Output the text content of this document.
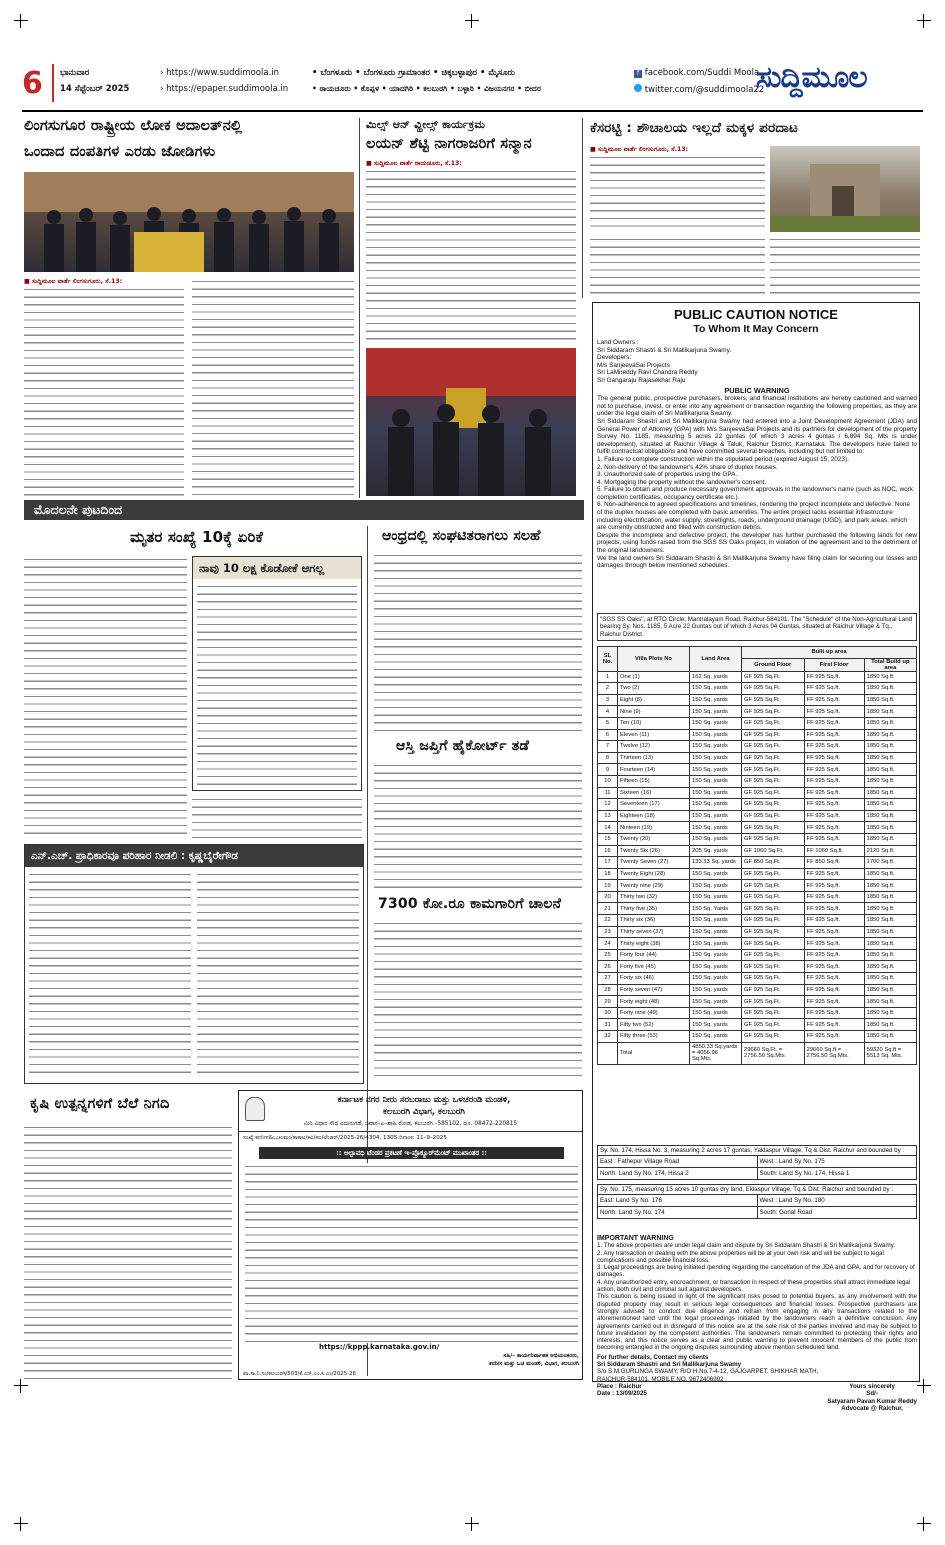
6 ಭಾನುವಾರ
14 ಸೆಪ್ಟೆಂಬರ್ 2025
› https://www.suddimoola.in
› https://epaper.suddimoola.in
• ಬೆಂಗಳೂರು • ಬೆಂಗಳೂರು ಗ್ರಾಮಾಂತರ • ಚಿಕ್ಕಬಳ್ಳಾಪುರ • ಮೈಸೂರು
• ರಾಯಚೂರು • ಕೊಪ್ಪಳ • ಯಾದಗಿರಿ • ಕಲಬುರಗಿ • ಬಳ್ಳಾರಿ • ವಿಜಯನಗರ • ಬೀದರ
f facebook.com/Suddi Moola
twitter.com/@suddimoola22
ಸುದ್ದಿಮೂಲ
ಲಿಂಗಸುಗೂರ ರಾಷ್ಟ್ರೀಯ ಲೋಕ ಅದಾಲತ್‌ನಲ್ಲಿ
ಒಂದಾದ ದಂಪತಿಗಳ ಎರಡು ಜೋಡಿಗಳು
■ ಸುದ್ದಿಮೂಲ ವಾರ್ತೆ ಲಿಂಗಸುಗೂರು, ಸೆ.13:
ಮಿಲ್ಸ್ ಆನ್ ವ್ಹೀಲ್ಸ್ ಕಾರ್ಯಕ್ರಮ
ಲಯನ್ ಶೆಟ್ಟಿ ನಾಗರಾಜರಿಗೆ ಸನ್ಮಾನ
■ ಸುದ್ದಿಮೂಲ ವಾರ್ತೆ ರಾಯಚೂರು, ಸೆ.13:
ಕೆಸರಟ್ಟಿ : ಶೌಚಾಲಯ ಇಲ್ಲದೆ ಮಕ್ಕಳ ಪರದಾಟ
■ ಸುದ್ದಿಮೂಲ ವಾರ್ತೆ ಲಿಂಗಸುಗೂರು, ಸೆ.13:
PUBLIC CAUTION NOTICE
To Whom It May Concern
Land Owners :
Sri Siddaram Shastri & Sri Mallikarjuna Swamy.
Developers:
M/s SanjeevaSai Projects
Sri LaMireddy Ravi Chandra Reddy
Sri Gangaraju Rajasekhar Raju
PUBLIC WARNING
The general public, prospective purchasers, brokers, and financial institutions are hereby cautioned and warned not to purchase, invest, or enter into any agreement or transaction regarding the following properties, as they are under the legal claim of Sri Mallikarjuna Swamy.
Sri Siddaram Shastri and Sri Mallikarjuna Swamy had entered into a Joint Development Agreement (JDA) and General Power of Attorney (GPA) with M/s SanjeevaSai Projects and its partners for development of the property Survey No. 1185, measuring 5 acres 22 guntas (of which 3 acres 4 guntas / 6,894 Sq. Mts is under development), situated at Raichur Village & Taluk, Raichur District, Karnataka. The developers have failed to fulfill contractual obligations and have committed several breaches, including but not limited to:
1. Failure to complete construction within the stipulated period (expired August 15, 2023).
2. Non-delivery of the landowner's 42% share of duplex houses.
3. Unauthorized sale of properties using the GPA.
4. Mortgaging the property without the landowner's consent.
5. Failure to obtain and produce necessary government approvals in the landowner's name (such as NOC, work completion certificates, occupancy certificate etc.).
6. Non-adherence to agreed specifications and timelines, rendering the project incomplete and defective. None of the duplex houses are completed with basic amenities. The entire project lacks essential infrastructure including electrification, water supply, streetlights, roads, underground drainage (UGD), and park areas, which are currently obstructed and filled with construction debris.
Despite the incomplete and defective project, the developer has further purchased the following lands for new projects, using funds raised from the SGS SS Oaks project, in violation of the agreement and to the detriment of the original landowners.
We the land owners Sri Siddaram Shastri & Sri Mallikarjuna Swamy have filing claim for securing our losses and damages through below mentioned schedules.
"SGS SS Oaks", at RTO Circle, Mantralayam Road, Raichur-584101. The "Schedule" of the Non-Agricultural Land bearing Sy. Nos. 1185, 5 Acre 22 Guntas out of which 3 Acres 04 Guntas, situated at Raichur Village & Tq., Raichur District.
SL No.	Villa Plots No	Land Area	Built up area		
			Ground Floor	First Floor	Total Build up area
1	One (1)	162 Sq. yards	GF 925 Sq.Ft.	FF 925 Sq.ft.	1850 Sq.ft.
2	Two (2)	150 Sq. yards	GF 925 Sq.Ft.	FF 925 Sq.ft.	1850 Sq.ft.
3	Eight (8)	150 Sq. yards	GF 925 Sq.Ft.	FF 925 Sq.ft.	1850 Sq.ft.
4	Nine (9)	150 Sq. yards	GF 925 Sq.Ft.	FF 925 Sq.ft.	1850 Sq.ft.
5	Ten (10)	150 Sq. yards	GF 925 Sq.Ft.	FF 925 Sq.ft.	1850 Sq.ft.
6	Eleven (11)	150 Sq. yards	GF 925 Sq.Ft.	FF 925 Sq.ft.	1850 Sq.ft.
7	Twelve (12)	150 Sq. yards	GF 925 Sq.Ft.	FF 925 Sq.ft.	1850 Sq.ft.
8	Thirteen (13)	150 Sq. yards	GF 925 Sq.Ft.	FF 925 Sq.ft.	1850 Sq.ft.
9	Fourteen (14)	150 Sq. yards	GF 925 Sq.Ft.	FF 925 Sq.ft.	1850 Sq.ft.
10	Fifteen (15)	150 Sq. yards	GF 925 Sq.Ft.	FF 925 Sq.ft.	1850 Sq.ft.
11	Sixteen (16)	150 Sq. yards	GF 925 Sq.Ft.	FF 925 Sq.ft.	1850 Sq.ft.
12	Seventeen (17)	150 Sq. yards	GF 925 Sq.Ft.	FF 925 Sq.ft.	1850 Sq.ft.
13	Eighteen (18)	150 Sq. yards	GF 925 Sq.Ft.	FF 925 Sq.ft.	1850 Sq.ft.
14	Ninteen (19)	150 Sq. yards	GF 925 Sq.Ft.	FF 925 Sq.ft.	1850 Sq.ft.
15	Twenty (20)	150 Sq. yards	GF 925 Sq.Ft.	FF 925 Sq.ft.	1850 Sq.ft.
16	Twenty Six (26)	205 Sq. yards	GF 1060 Sq.Ft.	FF 1060 Sq.ft.	2120 Sq.ft.
17	Twenty Seven (27)	133.33 Sq. yards	GF 850 Sq.Ft.	FF 850 Sq.ft.	1700 Sq.ft.
18	Twenty Eight (28)	150 Sq. yards	GF 925 Sq.Ft.	FF 925 Sq.ft.	1850 Sq.ft.
19	Twenty nine (29)	150 Sq. yards	GF 925 Sq.Ft.	FF 925 Sq.ft.	1850 Sq.ft.
20	Thirty two (32)	150 Sq. yards	GF 925 Sq.Ft.	FF 925 Sq.ft.	1850 Sq.ft.
21	Thirty five (35)	150 Sq. Yards	GF 925 Sq.Ft.	FF 925 Sq.ft.	1850 Sq.ft.
22	Thirty six (36)	150 Sq. yards	GF 925 Sq.Ft.	FF 925 Sq.ft.	1850 Sq.ft.
23	Thirty seven (37)	150 Sq. yards	GF 925 Sq.Ft.	FF 925 Sq.ft.	1850 Sq.ft.
24	Thirty eight (38)	150 Sq. yards	GF 925 Sq.Ft.	FF 925 Sq.ft.	1850 Sq.ft.
25	Forty four (44)	150 Sq. yards	GF 925 Sq.Ft.	FF 925 Sq.ft.	1850 Sq.ft.
26	Forty five (45)	150 Sq. yards	GF 925 Sq.Ft.	FF 925 Sq.ft.	1850 Sq.ft.
27	Forty six (46)	150 Sq. yards	GF 925 Sq.Ft.	FF 925 Sq.ft.	1850 Sq.ft.
28	Forty seven (47)	150 Sq. yards	GF 925 Sq.Ft.	FF 925 Sq.ft.	1850 Sq.ft.
29	Forty eight (48)	150 Sq. yards	GF 925 Sq.Ft.	FF 925 Sq.ft.	1850 Sq.ft.
30	Forty nine (49)	150 Sq. yards	GF 925 Sq.Ft.	FF 925 Sq.ft.	1850 Sq.ft.
31	Fifty two (52)	150 Sq. yards	GF 925 Sq.Ft.	FF 925 Sq.ft.	1850 Sq.ft.
32	Fifty three (53)	150 Sq. yards	GF 925 Sq.Ft.	FF 925 Sq.ft.	1850 Sq.ft.
	Total	4850.33 Sq.yards = 4056.96 Sq.Mts.	29660 Sq.Ft. = 2756.50 Sq.Mts	29660 Sq.ft = 2756.50 Sq.Mts.	59320 Sq.ft = 5513 Sq. Mts.
Sy. No. 174, Hissa No. 3, measuring 2 acres 17 guntas, Yaklaspur Village, Tq & Dist. Raichur and bounded by :
East : Fathepur Village Road	West : Land Sy No. 175
North: Land Sy No. 174, Hissa 2	South: Land Sy No. 174, Hissa 1
Sy. No. 175, measuring 15 acres 10 guntas dry land, Eklaspur Village, Tq & Dist. Raichur and bounded by :
East: Land Sy No. 176	West : Land Sy No. 180
North: Land Sy No. 174	South: Gonal Road
IMPORTANT WARNING
1. The above properties are under legal claim and dispute by Sri Siddaram Shastri & Sri Mallikarjuna Swamy.
2. Any transaction or dealing with the above properties will be at your own risk and will be subject to legal complications and possible financial loss.
3. Legal proceedings are being initiated /pending regarding the cancellation of the JDA and GPA, and for recovery of damages.
4. Any unauthorized entry, encroachment, or transaction in respect of these properties shall attract immediate legal action, both civil and criminal suit against developers.
This caution is being issued in light of the significant risks posed to potential buyers, as any involvement with the disputed property may result in serious legal consequences and financial losses. Prospective purchasers are strongly advised to conduct due diligence and refrain from engaging in any transactions related to the aforementioned land until the legal proceedings initiated by the landowners reach a definitive conclusion. Any agreements carried out in disregard of this notice are at the sole risk of the parties involved and may be subject to future invalidation by the competent authorities. The landowners remain committed to protecting their rights and interests, and this notice serves as a clear and public warning to prevent innocent members of the public from becoming entangled in the ongoing disputes surrounding above mention scheduled land.
For further details, Contact my clients
Sri Siddaram Shastri and Sri Mallikarjuna Swamy
S/o S.M.GURLINGA SWAMY, R/O H.No.7-4-12, GAJGARPET, SHIKHAR MATH,
RAICHUR-584101. MOBILE NO. 9672406992
Place : Raichur
Date : 13/09/2025
Yours sincerely
Sd/-
Satyaram Pavan Kumar Reddy
Advocate @ Raichur.
ಮೊದಲನೇ ಪುಟದಿಂದ
ಮೃತರ ಸಂಖ್ಯೆ 10ಕ್ಕೆ ಏರಿಕೆ
ನಾವು 10 ಲಕ್ಷ ಕೊಡೋಕೆ ಆಗಲ್ಲ
ಆಂಧ್ರದಲ್ಲಿ ಸಂಘಟಿತರಾಗಲು ಸಲಹೆ
ಆಸ್ತಿ ಜಪ್ತಿಗೆ ಹೈಕೋರ್ಟ್ ತಡೆ
7300 ಕೋ.ರೂ ಕಾಮಗಾರಿಗೆ ಚಾಲನೆ
ಎನ್.ಎಚ್. ಪ್ರಾಧಿಕಾರವೂ ಪರಿಹಾರ ನೀಡಲಿ : ಕೃಷ್ಣಬೈರೇಗೌಡ
ಕೃಷಿ ಉತ್ಪನ್ನಗಳಿಗೆ ಬೆಲೆ ನಿಗದಿ	ಕರ್ನಾಟಕ ನಗರ ನೀರು ಸರಬರಾಜು ಮತ್ತು ಒಳಚರಂಡಿ ಮಂಡಳಿ,
ಕಲಬುರಗಿ ವಿಭಾಗ, ಕಲಬುರಗಿ
ಮಿನಿ ವಿಧಾನ ಸೌಧ ಎದುರುಗಡೆ, ಜವಾನ–ಎ–ಶಾಹಿ ರೋಡ, ಕಲಬುರಗಿ –585102, ದೂ. 08472-220815
ಸಂಖ್ಯೆ:ಕನನೀಸ&ಒಚಂಮಂ/ಕಾಕಾಅ/ಕವಿ/ಕಲ/ಟೆಂಡರ್/2025-26/4304, 1305 ದಿನಾಂಕ: 11–9–2025
:: ಅಲ್ಪಾವಧಿ ಟೆಂಡರ ಪ್ರಕಟಣೆ ಇ–ಪ್ರೊಕ್ಯೂರ್‌ಮೆಂಟ್ ಮುಖಾಂತರ ::
https://kppp.karnataka.gov.in/
ಸಹಿ/– ಕಾರ್ಯನಿರ್ವಾಹಕ ಅಭಿಯಂತರರು,
ಕನನೀಸ ಮತ್ತು ಒಚ ಮಂಡಳಿ, ವಿಭಾಗ, ಕಲಬುರಗಿ
ವಾ.ಸಾ.ನಿ.ಸಂ/ಕಲಬುರಗಿ/503/ಕೆ.ಎನ್.ಎಂ.ಸಿ.ಎಂ/2025-26
